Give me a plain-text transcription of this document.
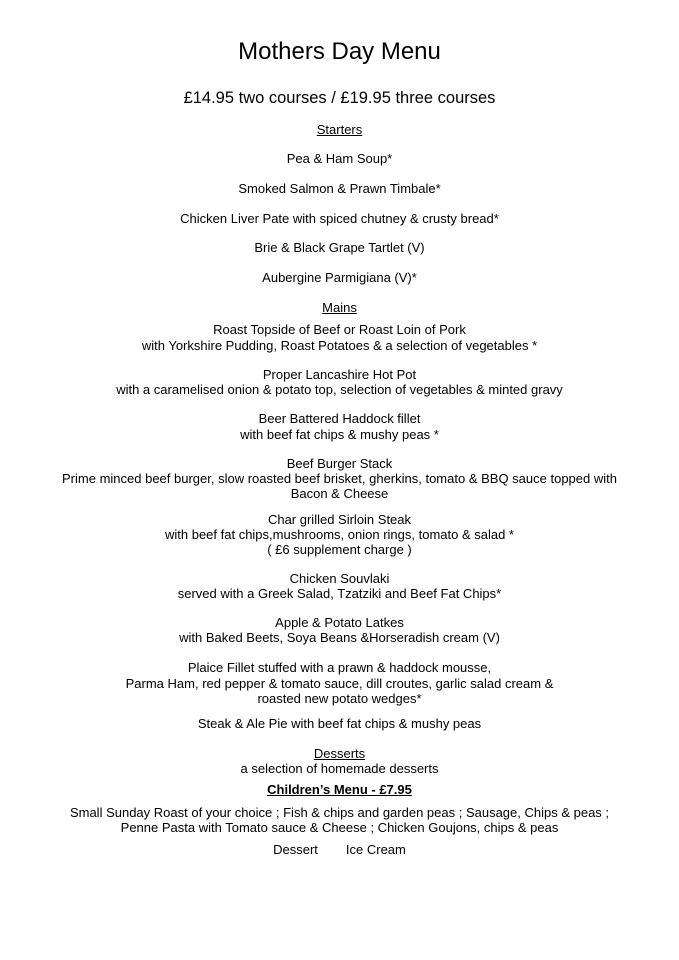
Mothers Day Menu
£14.95 two courses / £19.95 three courses
Starters
Pea & Ham Soup*
Smoked Salmon & Prawn Timbale*
Chicken Liver Pate with spiced chutney & crusty bread*
Brie & Black Grape Tartlet (V)
Aubergine Parmigiana (V)*
Mains
Roast Topside of Beef or Roast Loin of Pork
with Yorkshire Pudding, Roast Potatoes & a selection of vegetables *
Proper Lancashire Hot Pot
with a caramelised onion & potato top, selection of vegetables & minted gravy
Beer Battered Haddock fillet
with beef fat chips & mushy peas *
Beef Burger Stack
Prime minced beef burger, slow roasted beef brisket, gherkins, tomato & BBQ sauce topped with
Bacon & Cheese
Char grilled Sirloin Steak
with beef fat chips,mushrooms, onion rings, tomato & salad *
( £6 supplement charge )
Chicken Souvlaki
served with a Greek Salad, Tzatziki and Beef Fat Chips*
Apple & Potato Latkes
with Baked Beets, Soya Beans &Horseradish cream (V)
Plaice Fillet stuffed with a prawn & haddock mousse,
Parma Ham, red pepper & tomato sauce, dill croutes, garlic salad cream &
roasted new potato wedges*
Steak & Ale Pie with beef fat chips & mushy peas
Desserts
a selection of homemade desserts
Children’s Menu - £7.95
Small Sunday Roast of your choice ; Fish & chips and garden peas ; Sausage, Chips & peas ;
Penne Pasta with Tomato sauce & Cheese ; Chicken Goujons, chips & peas
Dessert Ice Cream
